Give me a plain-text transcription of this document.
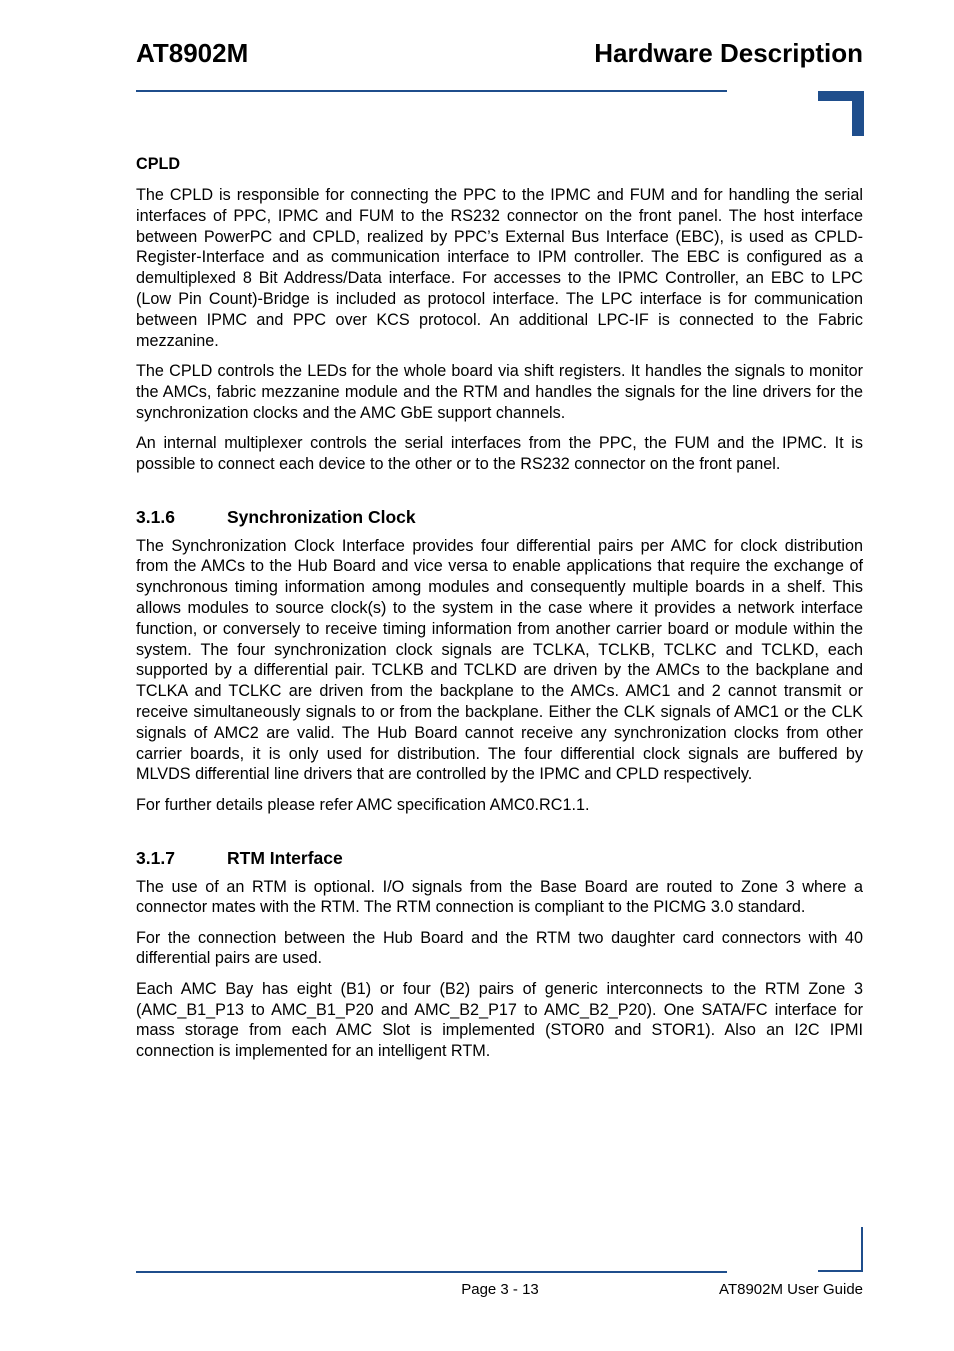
AT8902M	Hardware Description
CPLD

The CPLD is responsible for connecting the PPC to the IPMC and FUM and for handling the serial interfaces of PPC, IPMC and FUM to the RS232 connector on the front panel. The host interface between PowerPC and CPLD, realized by PPC’s External Bus Interface (EBC), is used as CPLD-Register-Interface and as communication interface to IPM controller. The EBC is configured as a demultiplexed 8 Bit Address/Data interface. For accesses to the IPMC Controller, an EBC to LPC (Low Pin Count)-Bridge is included as protocol interface. The LPC interface is for communication between IPMC and PPC over KCS protocol. An additional LPC-IF is connected to the Fabric mezzanine.

The CPLD controls the LEDs for the whole board via shift registers. It handles the signals to monitor the AMCs, fabric mezzanine module and the RTM and handles the signals for the line drivers for the synchronization clocks and the AMC GbE support channels.

An internal multiplexer controls the serial interfaces from the PPC, the FUM and the IPMC. It is possible to connect each device to the other or to the RS232 connector on the front panel.

3.1.6	Synchronization Clock

The Synchronization Clock Interface provides four differential pairs per AMC for clock distribution from the AMCs to the Hub Board and vice versa to enable applications that require the exchange of synchronous timing information among modules and consequently multiple boards in a shelf. This allows modules to source clock(s) to the system in the case where it provides a network interface function, or conversely to receive timing information from another carrier board or module within the system. The four synchronization clock signals are TCLKA, TCLKB, TCLKC and TCLKD, each supported by a differential pair. TCLKB and TCLKD are driven by the AMCs to the backplane and TCLKA and TCLKC are driven from the backplane to the AMCs. AMC1 and 2 cannot transmit or receive simultaneously signals to or from the backplane. Either the CLK signals of AMC1 or the CLK signals of AMC2 are valid. The Hub Board cannot receive any synchronization clocks from other carrier boards, it is only used for distribution. The four differential clock signals are buffered by MLVDS differential line drivers that are controlled by the IPMC and CPLD respectively.

For further details please refer AMC specification AMC0.RC1.1.

3.1.7	RTM Interface

The use of an RTM is optional. I/O signals from the Base Board are routed to Zone 3 where a connector mates with the RTM. The RTM connection is compliant to the PICMG 3.0 standard.

For the connection between the Hub Board and the RTM two daughter card connectors with 40 differential pairs are used.

Each AMC Bay has eight (B1) or four (B2) pairs of generic interconnects to the RTM Zone 3 (AMC_B1_P13 to AMC_B1_P20 and AMC_B2_P17 to AMC_B2_P20). One SATA/FC interface for mass storage from each AMC Slot is implemented (STOR0 and STOR1). Also an I2C IPMI connection is implemented for an intelligent RTM.

Page 3 - 13	AT8902M User Guide
